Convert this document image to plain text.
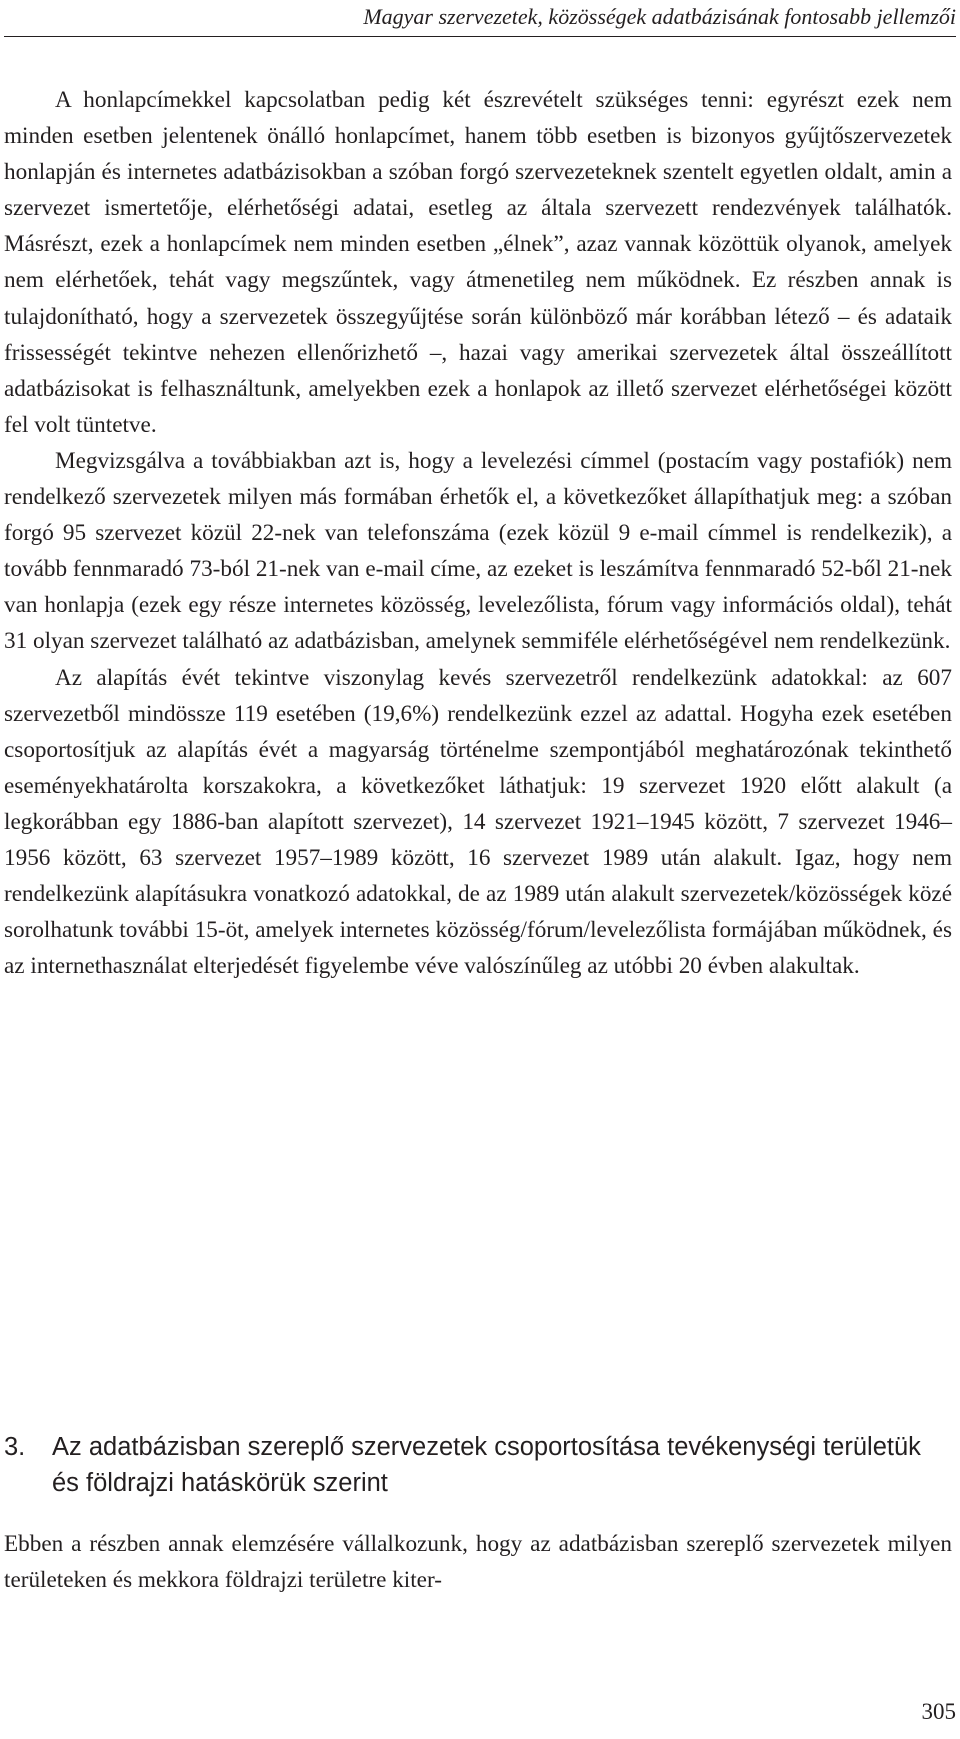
Magyar szervezetek, közösségek adatbázisának fontosabb jellemzői

A honlapcímekkel kapcsolatban pedig két észrevételt szükséges tenni: egyrészt ezek nem minden esetben jelentenek önálló honlapcímet, hanem több esetben is bizonyos gyűjtőszervezetek honlapján és internetes adatbázisokban a szóban forgó szervezeteknek szentelt egyetlen oldalt, amin a szervezet ismertetője, elérhetőségi adatai, esetleg az általa szervezett rendezvények találhatók. Másrészt, ezek a honlapcímek nem minden esetben „élnek”, azaz vannak közöttük olyanok, amelyek nem elérhetőek, tehát vagy megszűntek, vagy átmenetileg nem működnek. Ez részben annak is tulajdonítható, hogy a szervezetek összegyűjtése során különböző már korábban létező – és adataik frissességét tekintve nehezen ellenőrizhető –, hazai vagy amerikai szervezetek által összeállított adatbázisokat is felhasználtunk, amelyekben ezek a honlapok az illető szervezet elérhetőségei között fel volt tüntetve.

Megvizsgálva a továbbiakban azt is, hogy a levelezési címmel (postacím vagy postafiók) nem rendelkező szervezetek milyen más formában érhetők el, a következőket állapíthatjuk meg: a szóban forgó 95 szervezet közül 22-nek van telefonszáma (ezek közül 9 e-mail címmel is rendelkezik), a tovább fennmaradó 73-ból 21-nek van e-mail címe, az ezeket is leszámítva fennmaradó 52-ből 21-nek van honlapja (ezek egy része internetes közösség, levelezőlista, fórum vagy információs oldal), tehát 31 olyan szervezet található az adatbázisban, amelynek semmiféle elérhetőségével nem rendelkezünk.

Az alapítás évét tekintve viszonylag kevés szervezetről rendelkezünk adatokkal: az 607 szervezetből mindössze 119 esetében (19,6%) rendelkezünk ezzel az adattal. Hogyha ezek esetében csoportosítjuk az alapítás évét a magyarság történelme szempontjából meghatározónak tekinthető eseményekhatárolta korszakokra, a következőket láthatjuk: 19 szervezet 1920 előtt alakult (a legkorábban egy 1886-ban alapított szervezet), 14 szervezet 1921–1945 között, 7 szervezet 1946–1956 között, 63 szervezet 1957–1989 között, 16 szervezet 1989 után alakult. Igaz, hogy nem rendelkezünk alapításukra vonatkozó adatokkal, de az 1989 után alakult szervezetek/közösségek közé sorolhatunk további 15-öt, amelyek internetes közösség/fórum/levelezőlista formájában működnek, és az internethasználat elterjedését figyelembe véve valószínűleg az utóbbi 20 évben alakultak.

3.	Az adatbázisban szereplő szervezetek csoportosítása tevékenységi területük és földrajzi hatáskörük szerint

Ebben a részben annak elemzésére vállalkozunk, hogy az adatbázisban szereplő szervezetek milyen területeken és mekkora földrajzi területre kiter-

305
